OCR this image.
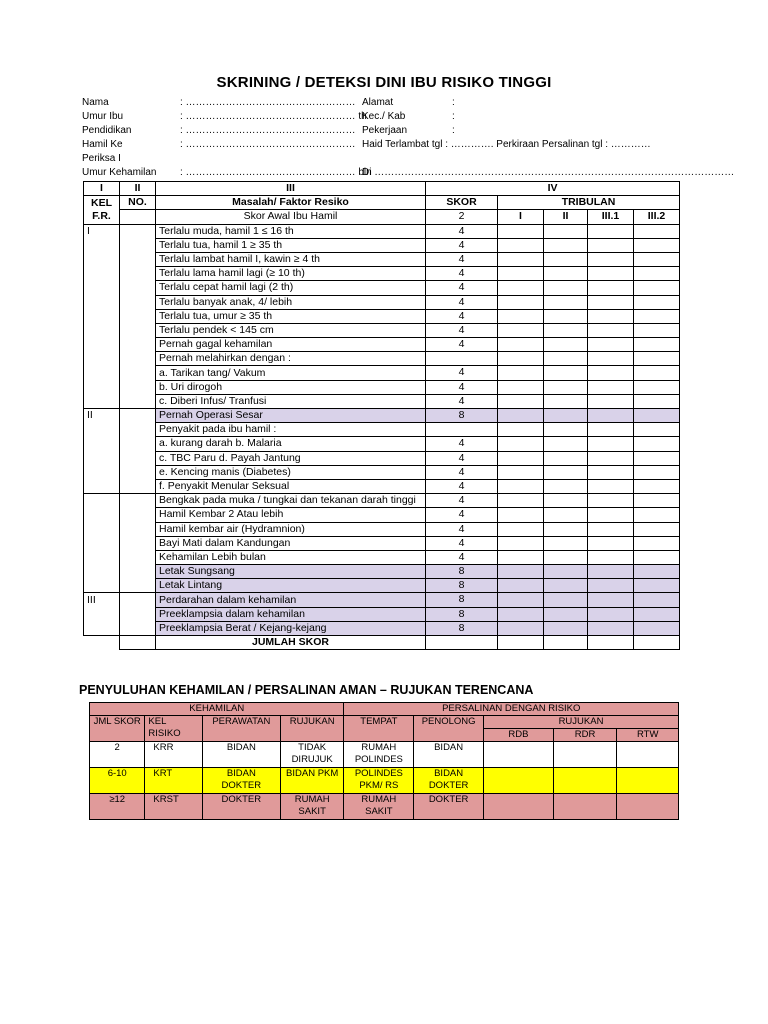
SKRINING / DETEKSI DINI IBU RISIKO TINGGI
Nama	: ……………………………………………
Umur Ibu	: …………………………………………… th
Pendidikan	: ……………………………………………
Hamil Ke	: ……………………………………………
Periksa I
Umur Kehamilan : …………………………………………… bln
Alamat	:
Kec./ Kab	:
Pekerjaan	:
Haid Terlambat tgl : …………. Perkiraan Persalinan tgl : …………
Di ………………………………………………………………………………………………
I	II	III	IV				
KEL	NO.	Masalah/ Faktor Resiko	SKOR	TRIBULAN			
F.R.		Skor Awal Ibu Hamil	2	I	II	III.1	III.2
I		Terlalu muda, hamil 1 ≤ 16 th	4				
		Terlalu tua, hamil 1 ≥ 35 th	4				
		Terlalu lambat hamil I, kawin ≥ 4 th	4				
		Terlalu lama hamil lagi (≥ 10 th)	4				
		Terlalu cepat hamil lagi (2 th)	4				
		Terlalu banyak anak, 4/ lebih	4				
		Terlalu tua, umur ≥ 35 th	4				
		Terlalu pendek < 145 cm	4				
		Pernah gagal kehamilan	4				
		Pernah melahirkan dengan :					
		a. Tarikan tang/ Vakum	4				
		b. Uri dirogoh	4				
		c. Diberi Infus/ Tranfusi	4				
II		Pernah Operasi Sesar	8				
		Penyakit pada ibu hamil :					
		a. kurang darah b. Malaria	4				
		c. TBC Paru d. Payah Jantung	4				
		e. Kencing manis (Diabetes)	4				
		f. Penyakit Menular Seksual	4				
		Bengkak pada muka / tungkai dan tekanan darah tinggi	4				
		Hamil Kembar 2 Atau lebih	4				
		Hamil kembar air (Hydramnion)	4				
		Bayi Mati dalam Kandungan	4				
		Kehamilan Lebih bulan	4				
		Letak Sungsang	8				
		Letak Lintang	8				
III		Perdarahan dalam kehamilan	8				
		Preeklampsia dalam kehamilan	8				
		Preeklampsia Berat / Kejang-kejang	8				
		JUMLAH SKOR					
PENYULUHAN KEHAMILAN / PERSALINAN AMAN – RUJUKAN TERENCANA
KEHAMILAN				PERSALINAN DENGAN RISIKO				
JML SKOR	KEL RISIKO	PERAWATAN	RUJUKAN	TEMPAT	PENOLONG	RUJUKAN		
						RDB	RDR	RTW
2	KRR	BIDAN	TIDAK DIRUJUK	RUMAH POLINDES	BIDAN			
6-10	KRT	BIDAN DOKTER	BIDAN PKM	POLINDES PKM/ RS	BIDAN DOKTER			
≥12	KRST	DOKTER	RUMAH SAKIT	RUMAH SAKIT	DOKTER			
